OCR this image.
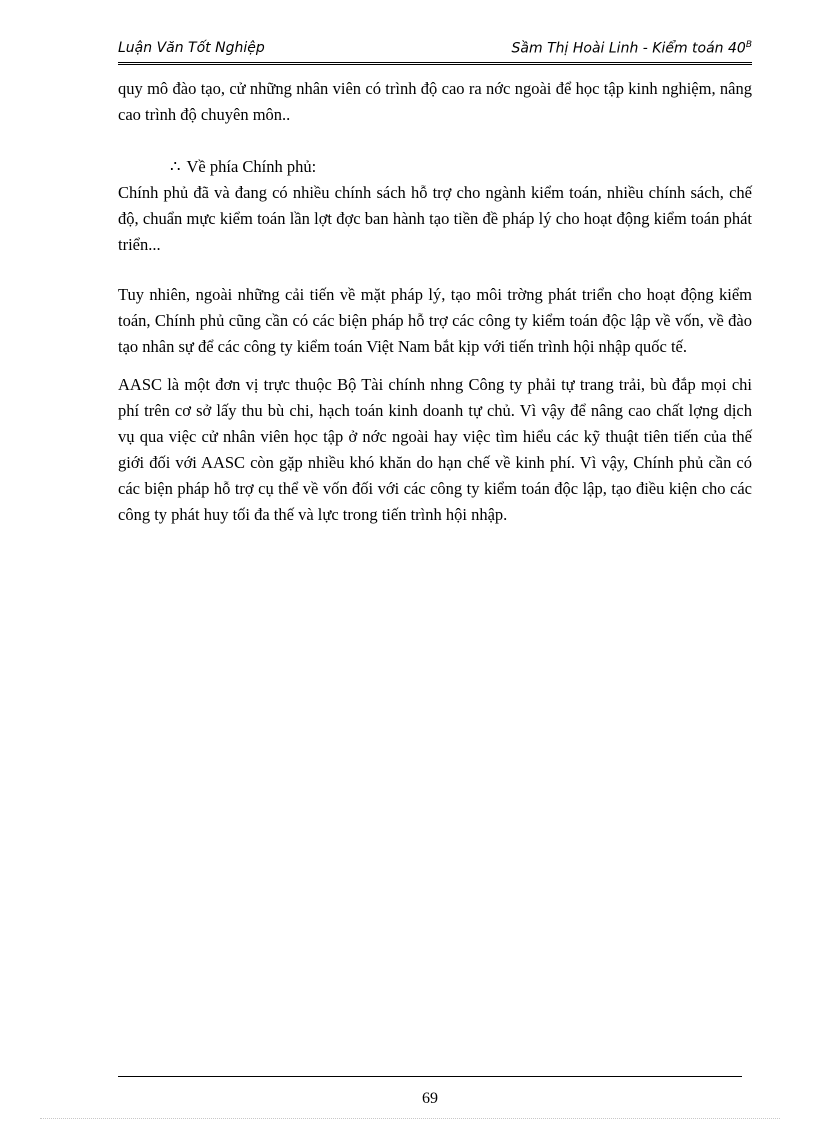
Luận Văn Tốt Nghiệp	Sầm Thị Hoài Linh - Kiểm toán $40^B$

quy mô đào tạo, cử những nhân viên có trình độ cao ra nớc ngoài để học tập kinh nghiệm, nâng cao trình độ chuyên môn..

∴ Về phía Chính phủ:

Chính phủ đã và đang có nhiều chính sách hỗ trợ cho ngành kiểm toán, nhiều chính sách, chế độ, chuẩn mực kiểm toán lần lợt đợc ban hành tạo tiền đề pháp lý cho hoạt động kiểm toán phát triển...

Tuy nhiên, ngoài những cải tiến về mặt pháp lý, tạo môi trờng phát triển cho hoạt động kiểm toán, Chính phủ cũng cần có các biện pháp hỗ trợ các công ty kiểm toán độc lập về vốn, về đào tạo nhân sự để các công ty kiểm toán Việt Nam bắt kịp với tiến trình hội nhập quốc tế.

AASC là một đơn vị trực thuộc Bộ Tài chính nhng Công ty phải tự trang trải, bù đắp mọi chi phí trên cơ sở lấy thu bù chi, hạch toán kinh doanh tự chủ. Vì vậy để nâng cao chất lợng dịch vụ qua việc cử nhân viên học tập ở nớc ngoài hay việc tìm hiểu các kỹ thuật tiên tiến của thế giới đối với AASC còn gặp nhiều khó khăn do hạn chế về kinh phí. Vì vậy, Chính phủ cần có các biện pháp hỗ trợ cụ thể về vốn đối với các công ty kiểm toán độc lập, tạo điều kiện cho các công ty phát huy tối đa thế và lực trong tiến trình hội nhập.

69
